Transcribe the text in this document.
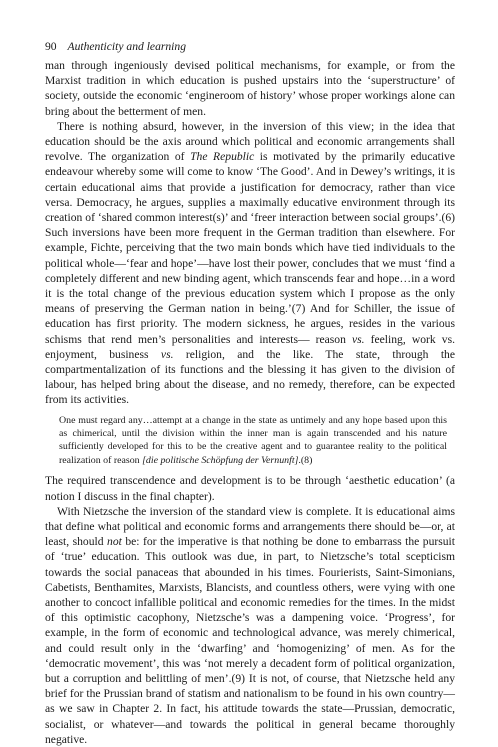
90 Authenticity and learning

man through ingeniously devised political mechanisms, for example, or from the Marxist tradition in which education is pushed upstairs into the ‘superstructure’ of society, outside the economic ‘engineroom of history’ whose proper workings alone can bring about the betterment of men.

There is nothing absurd, however, in the inversion of this view; in the idea that education should be the axis around which political and economic arrangements shall revolve. The organization of The Republic is motivated by the primarily educative endeavour whereby some will come to know ‘The Good’. And in Dewey’s writings, it is certain educational aims that provide a justification for democracy, rather than vice versa. Democracy, he argues, supplies a maximally educative environment through its creation of ‘shared common interest(s)’ and ‘freer interaction between social groups’.(6) Such inversions have been more frequent in the German tradition than elsewhere. For example, Fichte, perceiving that the two main bonds which have tied individuals to the political whole—‘fear and hope’—have lost their power, concludes that we must ‘find a completely different and new binding agent, which transcends fear and hope…in a word it is the total change of the previous education system which I propose as the only means of preserving the German nation in being.’(7) And for Schiller, the issue of education has first priority. The modern sickness, he argues, resides in the various schisms that rend men’s personalities and interests— reason vs. feeling, work vs. enjoyment, business vs. religion, and the like. The state, through the compartmentalization of its functions and the blessing it has given to the division of labour, has helped bring about the disease, and no remedy, therefore, can be expected from its activities.

One must regard any…attempt at a change in the state as untimely and any hope based upon this as chimerical, until the division within the inner man is again transcended and his nature sufficiently developed for this to be the creative agent and to guarantee reality to the political realization of reason [die politische Schöpfung der Vernunft].(8)

The required transcendence and development is to be through ‘aesthetic education’ (a notion I discuss in the final chapter).

With Nietzsche the inversion of the standard view is complete. It is educational aims that define what political and economic forms and arrangements there should be—or, at least, should not be: for the imperative is that nothing be done to embarrass the pursuit of ‘true’ education. This outlook was due, in part, to Nietzsche’s total scepticism towards the social panaceas that abounded in his times. Fourierists, Saint-Simonians, Cabetists, Benthamites, Marxists, Blancists, and countless others, were vying with one another to concoct infallible political and economic remedies for the times. In the midst of this optimistic cacophony, Nietzsche’s was a dampening voice. ‘Progress’, for example, in the form of economic and technological advance, was merely chimerical, and could result only in the ‘dwarfing’ and ‘homogenizing’ of men. As for the ‘democratic movement’, this was ‘not merely a decadent form of political organization, but a corruption and belittling of men’.(9) It is not, of course, that Nietzsche held any brief for the Prussian brand of statism and nationalism to be found in his own country—as we saw in Chapter 2. In fact, his attitude towards the state—Prussian, democratic, socialist, or whatever—and towards the political in general became thoroughly negative.
